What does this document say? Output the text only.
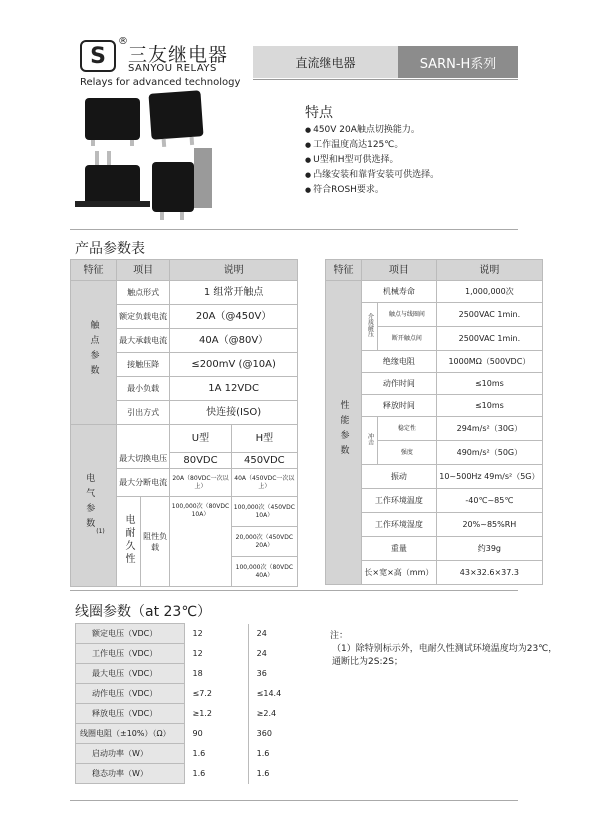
S
®
三友继电器
SANYOU RELAYS
Relays for advanced technology
直流继电器	SARN-H系列
特点
● 450V 20A触点切换能力。
● 工作温度高达125℃。
● U型和H型可供选择。
● 凸缘安装和靠背安装可供选择。
● 符合ROSH要求。
产品参数表
特征	项目		说明	
触点参数	触点形式		1 组常开触点	
	额定负载电流		20A（@450V）	
	最大承载电流		40A（@80V）	
	接触压降		≤200mV (@10A)	
	最小负载		1A 12VDC	
	引出方式		快连接(ISO)	
电气参数 (1)	最大切换电压		U型	H型
			80VDC	450VDC
	最大分断电流		20A（80VDC一次以上）	40A（450VDC一次以上）
	电耐久性	阻性负载	100,000次（80VDC 10A）	100,000次（450VDC 10A）
				20,000次（450VDC 20A）
				100,000次（80VDC 40A）
特征	项目		说明
性能参数	机械寿命		1,000,000次
	介质耐压	触点与线圈间	2500VAC 1min.
		断开触点间	2500VAC 1min.
	绝缘电阻		1000MΩ（500VDC）
	动作时间		≤10ms
	释放时间		≤10ms
	冲击	稳定性	294m/s²（30G）
		强度	490m/s²（50G）
	振动		10~500Hz 49m/s²（5G）
	工作环境温度		-40℃~85℃
	工作环境湿度		20%~85%RH
	重量		约39g
	长×宽×高（mm）		43×32.6×37.3
线圈参数（at 23℃）
额定电压（VDC）	12	24
工作电压（VDC）	12	24
最大电压（VDC）	18	36
动作电压（VDC）	≤7.2	≤14.4
释放电压（VDC）	≥1.2	≥2.4
线圈电阻（±10%）（Ω）	90	360
启动功率（W）	1.6	1.6
稳态功率（W）	1.6	1.6
注：
（1）除特别标示外，电耐久性测试环境温度均为23℃，通断比为2S:2S；
